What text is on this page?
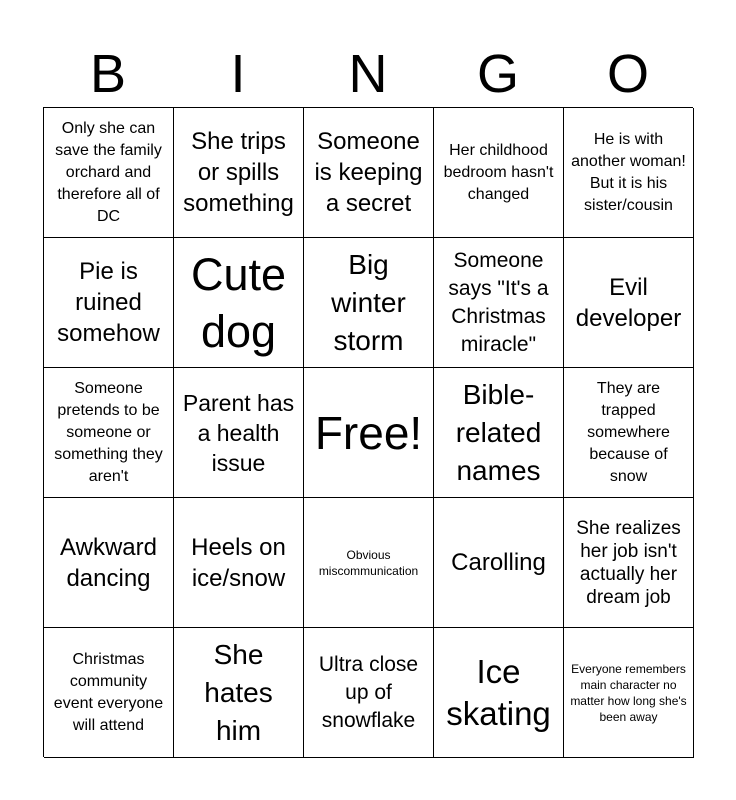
B	I	N	G	O
Only she can save the family orchard and therefore all of DC
She trips or spills something
Someone is keeping a secret
Her childhood bedroom hasn't changed
He is with another woman! But it is his sister/cousin
Pie is ruined somehow
Cute dog
Big winter storm
Someone says "It's a Christmas miracle"
Evil developer
Someone pretends to be someone or something they aren't
Parent has a health issue
Free!
Bible-related names
They are trapped somewhere because of snow
Awkward dancing
Heels on ice/snow
Obvious miscommunication	Carolling
She realizes her job isn't actually her dream job
Christmas community event everyone will attend
She hates him
Ultra close up of snowflake
Ice skating
Everyone remembers main character no matter how long she's been away
